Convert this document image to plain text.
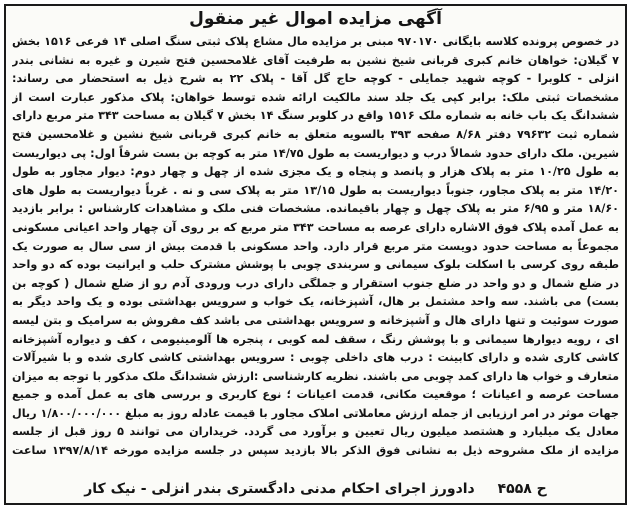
آگهی مزایده اموال غیر منقول

در خصوص پرونده کلاسه بایگانی ۹۷۰۱۷۰ مبنی بر مزایده مال مشاع پلاک ثبتی سنگ اصلی ۱۴ فرعی ۱۵۱۶ بخش ۷ گیلان: خواهان خانم کبری قربانی شیخ نشین به طرفیت آقای غلامحسین فتح شیرن و غیره به نشانی بندر انزلی - کلوبرا - کوچه شهید جمایلی - کوچه حاج گل آقا - پلاک ۲۲ به شرح ذیل به استحضار می رساند: مشخصات ثبتی ملک: برابر کپی یک جلد سند مالکیت ارائه شده توسط خواهان: پلاک مذکور عبارت است از ششدانگ یک باب خانه به شماره ملک ۱۵۱۶ واقع در کلوبر سنگ ۱۴ بخش ۷ گیلان به مساحت ۳۴۳ متر مربع دارای شماره ثبت ۷۹۶۳۲ دفتر ۸/۶۸ صفحه ۳۹۳ بالسویه متعلق به خانم کبری قربانی شیخ نشین و غلامحسین فتح شیرین. ملک دارای حدود شمالاً درب و دیواریست به طول ۱۴/۷۵ متر به کوچه بن بست شرقاً اول: پی دیواریست به طول ۱۰/۲۵ متر به پلاک هزار و پانصد و پنجاه و یک مجزی شده از چهل و چهار دوم: دیوار مجاور به طول ۱۴/۲۰ متر به پلاک مجاور، جنوباً دیواریست به طول ۱۳/۱۵ متر به پلاک سی و نه . غرباً دیواریست به طول های ۱۸/۶۰ متر و ۶/۹۵ متر به پلاک چهل و چهار باقیمانده. مشخصات فنی ملک و مشاهدات کارشناس : برابر بازدید به عمل آمده پلاک فوق الاشاره دارای عرصه به مساحت ۳۴۳ متر مربع که بر روی آن چهار واحد اعیانی مسکونی مجموعاً به مساحت حدود دویست متر مربع قرار دارد. واحد مسکونی با قدمت بیش از سی سال به صورت یک طبقه روی کرسی با اسکلت بلوک سیمانی و سربندی چوبی با پوشش مشترک حلب و ایرانیت بوده که دو واحد در ضلع شمال و دو واحد در ضلع جنوب استقرار و جملگی دارای درب ورودی آدم رو از ضلع شمال ( کوچه بن بست) می باشند. سه واحد مشتمل بر هال، آشپزخانه، یک خواب و سرویس بهداشتی بوده و یک واحد دیگر به صورت سوئیت و تنها دارای هال و آشپزخانه و سرویس بهداشتی می باشد کف مفروش به سرامیک و بتن لیسه ای ، رویه دیوارها سیمانی و با پوشش رنگ ، سقف لمه کوبی ، پنجره ها آلومینیومی ، کف و دیواره آشپزخانه کاشی کاری شده و دارای کابینت : درب های داخلی چوبی : سرویس بهداشتی کاشی کاری شده و با شیرآلات متعارف و خواب ها دارای کمد چوبی می باشند. نظریه کارشناسی :ارزش ششدانگ ملک مذکور با توجه به میزان مساحت عرصه و اعیانات ؛ موقعیت مکانی، قدمت اعیانات ؛ نوع کاربری و بررسی های به عمل آمده و جمیع جهات موثر در امر ارزیابی از جمله ارزش معاملاتی املاک مجاور با قیمت عادله روز به مبلغ ۱/۸۰۰/۰۰۰/۰۰۰ ریال معادل یک میلیارد و هشتصد میلیون ریال تعیین و برآورد می گردد. خریداران می توانند ۵ روز قبل از جلسه مزایده از ملک مشروحه ذیل به نشانی فوق الذکر بالا بازدید سپس در جلسه مزایده مورخه ۱۳۹۷/۸/۱۴ ساعت

ح ۴۵۵۸ دادورز اجرای احکام مدنی دادگستری بندر انزلی - نیک کار
